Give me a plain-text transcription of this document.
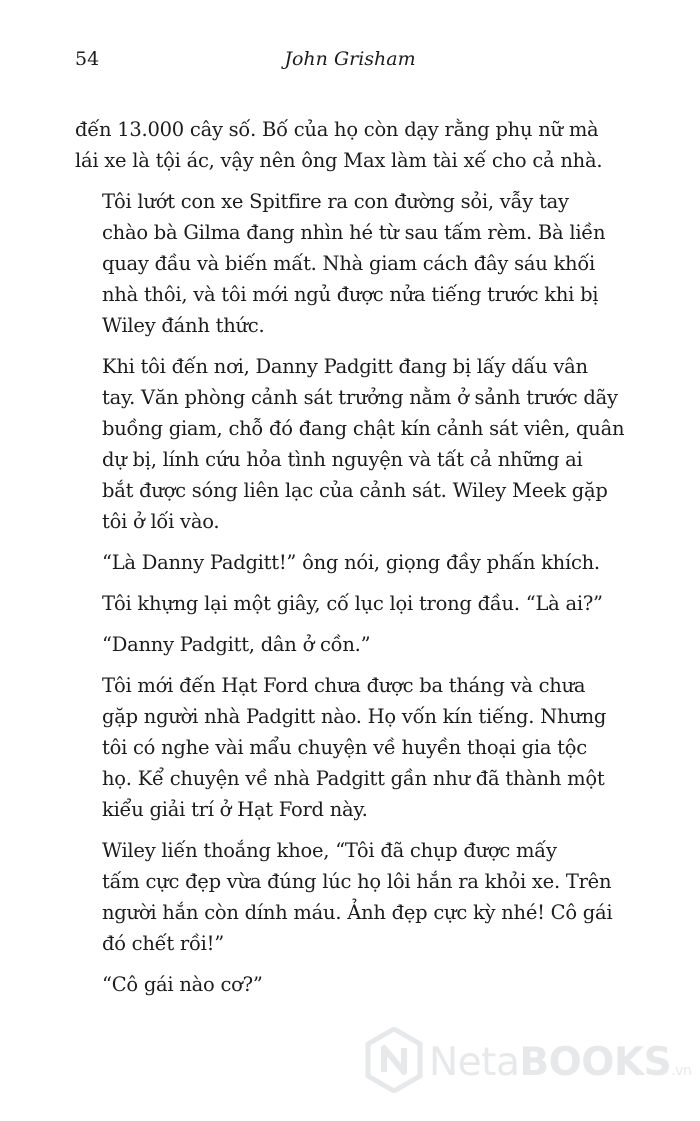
54	John Grisham

đến 13.000 cây số. Bố của họ còn dạy rằng phụ nữ mà
lái xe là tội ác, vậy nên ông Max làm tài xế cho cả nhà.

Tôi lướt con xe Spitfire ra con đường sỏi, vẫy tay
chào bà Gilma đang nhìn hé từ sau tấm rèm. Bà liền
quay đầu và biến mất. Nhà giam cách đây sáu khối
nhà thôi, và tôi mới ngủ được nửa tiếng trước khi bị
Wiley đánh thức.

Khi tôi đến nơi, Danny Padgitt đang bị lấy dấu vân
tay. Văn phòng cảnh sát trưởng nằm ở sảnh trước dãy
buồng giam, chỗ đó đang chật kín cảnh sát viên, quân
dự bị, lính cứu hỏa tình nguyện và tất cả những ai
bắt được sóng liên lạc của cảnh sát. Wiley Meek gặp
tôi ở lối vào.

“Là Danny Padgitt!” ông nói, giọng đầy phấn khích.

Tôi khựng lại một giây, cố lục lọi trong đầu. “Là ai?”

“Danny Padgitt, dân ở cồn.”

Tôi mới đến Hạt Ford chưa được ba tháng và chưa
gặp người nhà Padgitt nào. Họ vốn kín tiếng. Nhưng
tôi có nghe vài mẩu chuyện về huyền thoại gia tộc
họ. Kể chuyện về nhà Padgitt gần như đã thành một
kiểu giải trí ở Hạt Ford này.

Wiley liến thoắng khoe, “Tôi đã chụp được mấy
tấm cực đẹp vừa đúng lúc họ lôi hắn ra khỏi xe. Trên
người hắn còn dính máu. Ảnh đẹp cực kỳ nhé! Cô gái
đó chết rồi!”

“Cô gái nào cơ?”

NetaBOOKS.vn
